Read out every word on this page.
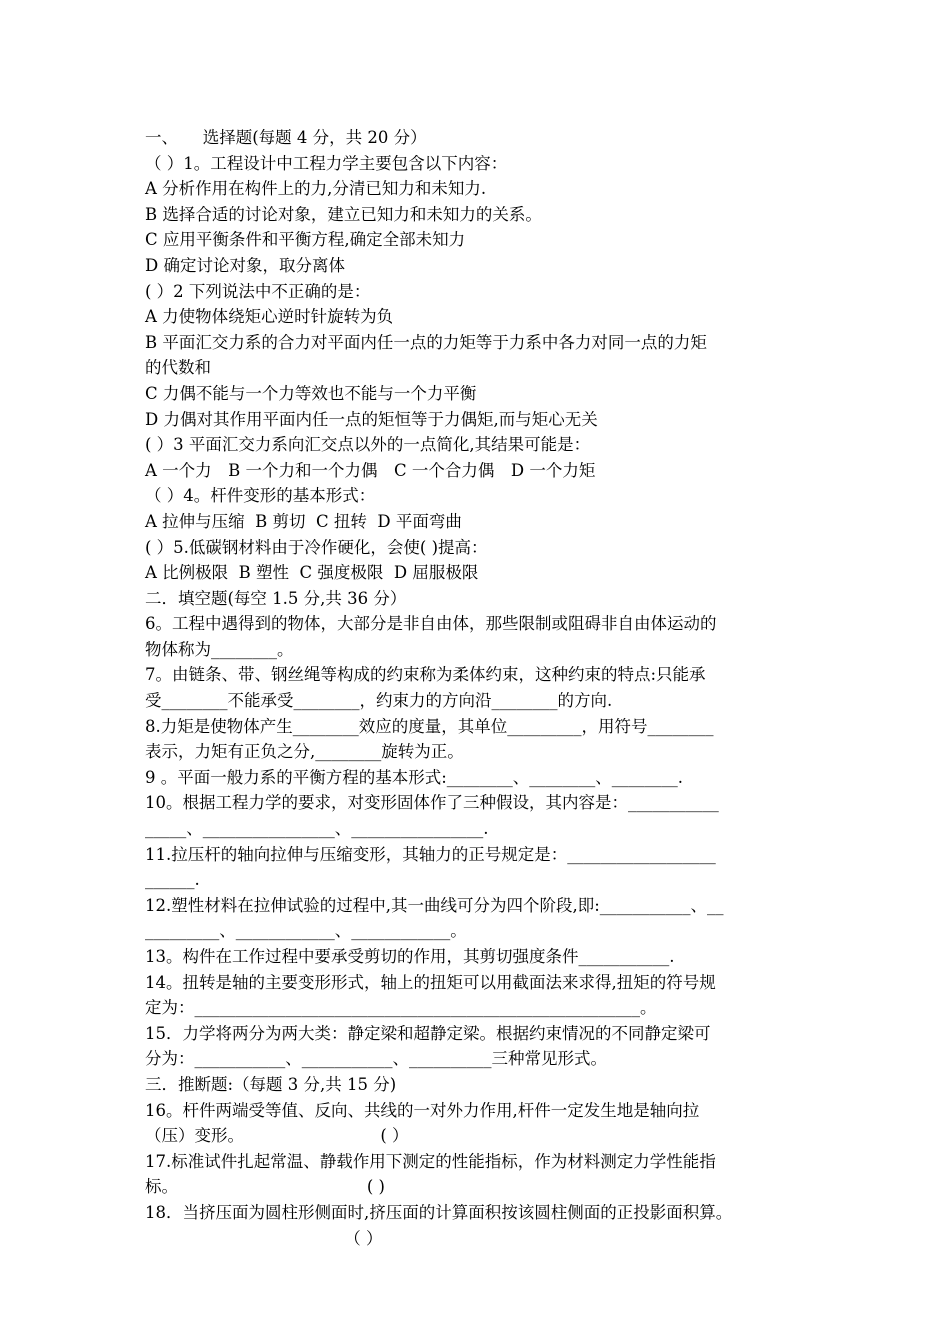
一、　　选择题(每题 4 分，共 20 分）
（ ）1。工程设计中工程力学主要包含以下内容：
A 分析作用在构件上的力,分清已知力和未知力.
B 选择合适的讨论对象，建立已知力和未知力的关系。
C 应用平衡条件和平衡方程,确定全部未知力
D 确定讨论对象，取分离体
( ）2 下列说法中不正确的是：
A 力使物体绕矩心逆时针旋转为负
B 平面汇交力系的合力对平面内任一点的力矩等于力系中各力对同一点的力矩
的代数和
C 力偶不能与一个力等效也不能与一个力平衡
D 力偶对其作用平面内任一点的矩恒等于力偶矩,而与矩心无关
( ）3 平面汇交力系向汇交点以外的一点简化,其结果可能是：
A 一个力　B 一个力和一个力偶　C 一个合力偶　D 一个力矩
（ ）4。杆件变形的基本形式：
A 拉伸与压缩  B 剪切  C 扭转  D 平面弯曲
( ）5.低碳钢材料由于冷作硬化，会使( )提高：
A 比例极限  B 塑性  C 强度极限  D 屈服极限
二．填空题(每空 1.5 分,共 36 分）
6。工程中遇得到的物体，大部分是非自由体，那些限制或阻碍非自由体运动的
物体称为________。
7。由链条、带、钢丝绳等构成的约束称为柔体约束，这种约束的特点:只能承
受________不能承受________，约束力的方向沿________的方向.
8.力矩是使物体产生________效应的度量，其单位_________，用符号________
表示，力矩有正负之分,________旋转为正。
9 。平面一般力系的平衡方程的基本形式:________、________、________.
10。根据工程力学的要求，对变形固体作了三种假设，其内容是：___________
_____、________________、________________.
11.拉压杆的轴向拉伸与压缩变形，其轴力的正号规定是：__________________
______.
12.塑性材料在拉伸试验的过程中,其一曲线可分为四个阶段,即:___________、__
_________、____________、____________。
13。构件在工作过程中要承受剪切的作用，其剪切强度条件___________.
14。扭转是轴的主要变形形式，轴上的扭矩可以用截面法来求得,扭矩的符号规
定为：______________________________________________________。
15．力学将两分为两大类：静定梁和超静定梁。根据约束情况的不同静定梁可
分为：___________、___________、__________三种常见形式。
三．推断题:（每题 3 分,共 15 分)
16。杆件两端受等值、反向、共线的一对外力作用,杆件一定发生地是轴向拉
（压）变形。                          ( ）
17.标准试件扎起常温、静载作用下测定的性能指标，作为材料测定力学性能指
标。                                    ( )
18．当挤压面为圆柱形侧面时,挤压面的计算面积按该圆柱侧面的正投影面积算。
（ ）
